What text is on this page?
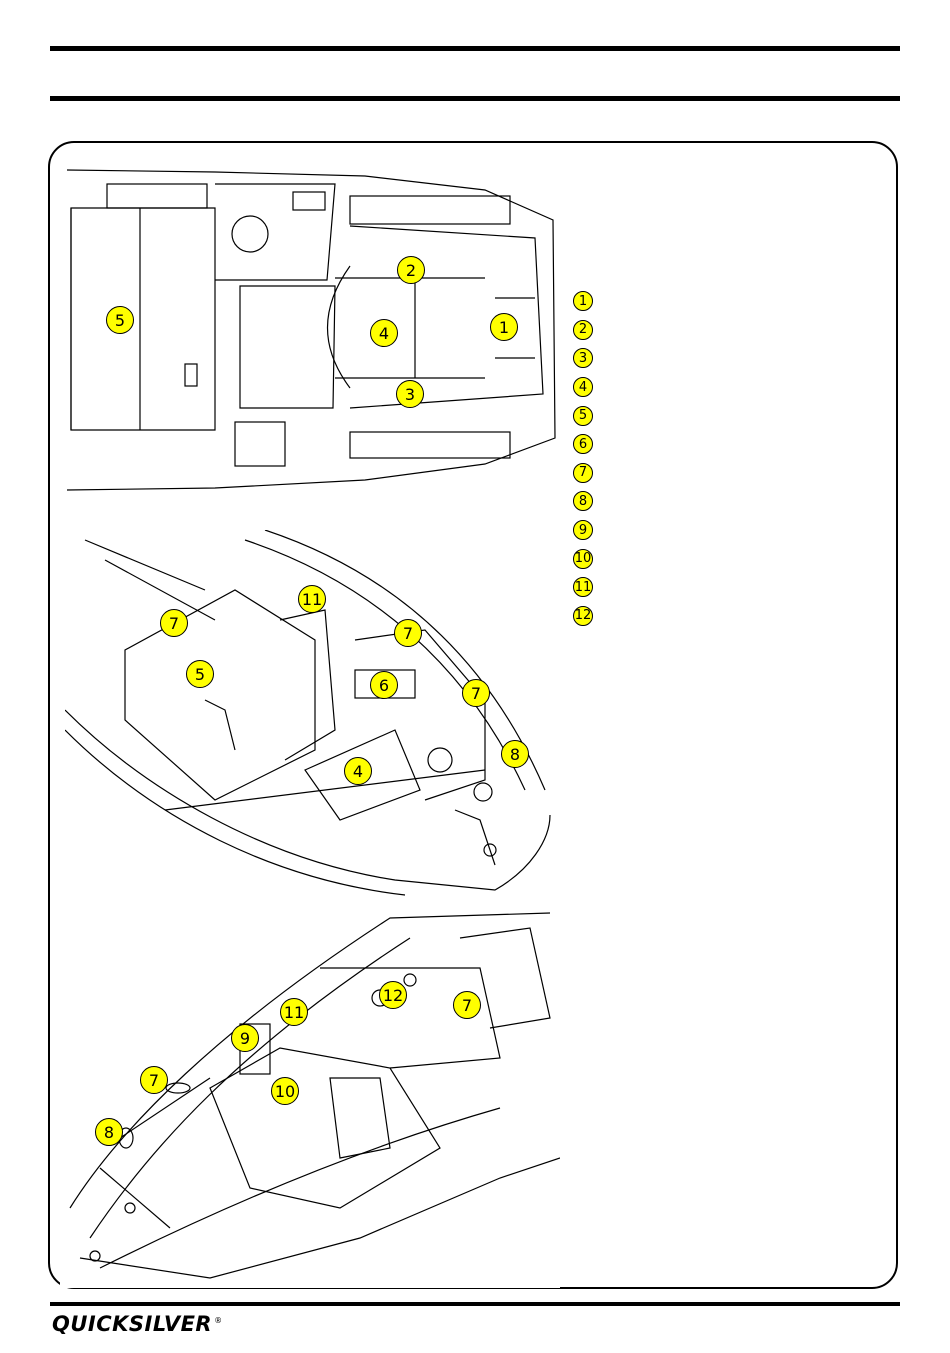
2
5
4	1
3
11
7
7
5
6	7
8
4
12
7
11
9
7
10
8
1
2
3
4
5
6
7
8
9
10
11
12
QUICKSILVER ®
